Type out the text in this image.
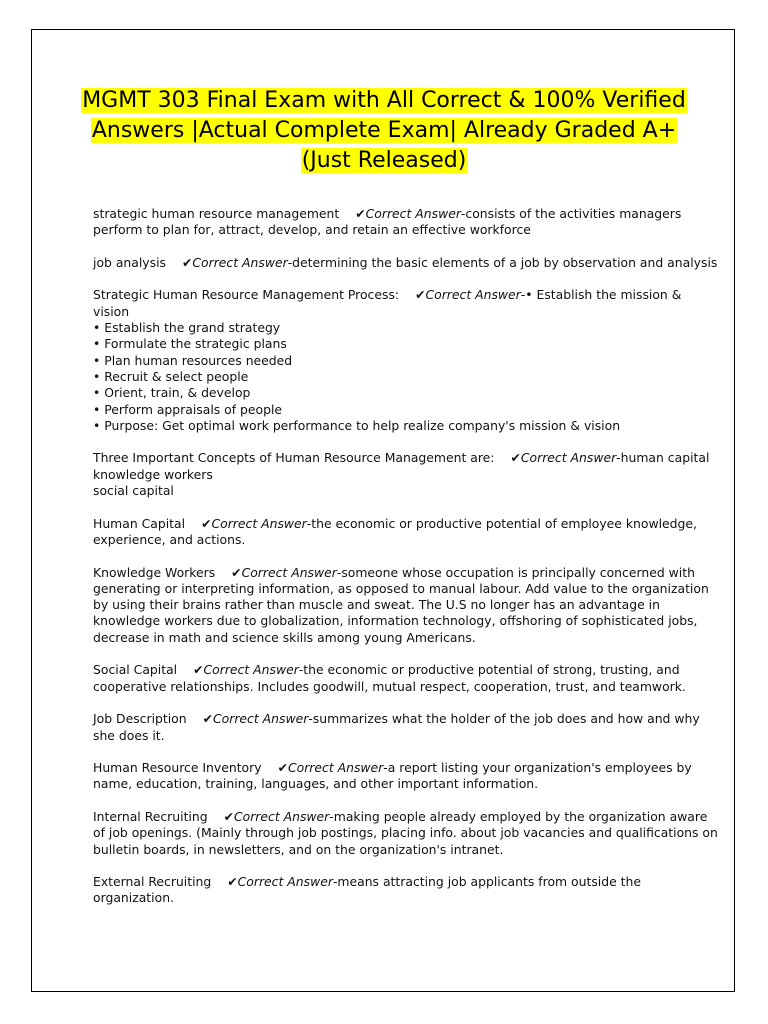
MGMT 303 Final Exam with All Correct & 100% Verified
Answers |Actual Complete Exam| Already Graded A+
(Just Released)
strategic human resource management ✔Correct Answer-consists of the activities managers
perform to plan for, attract, develop, and retain an effective workforce
job analysis ✔Correct Answer-determining the basic elements of a job by observation and analysis
Strategic Human Resource Management Process: ✔Correct Answer-• Establish the mission &
vision
• Establish the grand strategy
• Formulate the strategic plans
• Plan human resources needed
• Recruit & select people
• Orient, train, & develop
• Perform appraisals of people
• Purpose: Get optimal work performance to help realize company's mission & vision
Three Important Concepts of Human Resource Management are: ✔Correct Answer-human capital
knowledge workers
social capital
Human Capital ✔Correct Answer-the economic or productive potential of employee knowledge,
experience, and actions.
Knowledge Workers ✔Correct Answer-someone whose occupation is principally concerned with
generating or interpreting information, as opposed to manual labour. Add value to the organization
by using their brains rather than muscle and sweat. The U.S no longer has an advantage in
knowledge workers due to globalization, information technology, offshoring of sophisticated jobs,
decrease in math and science skills among young Americans.
Social Capital ✔Correct Answer-the economic or productive potential of strong, trusting, and
cooperative relationships. Includes goodwill, mutual respect, cooperation, trust, and teamwork.
Job Description ✔Correct Answer-summarizes what the holder of the job does and how and why
she does it.
Human Resource Inventory ✔Correct Answer-a report listing your organization's employees by
name, education, training, languages, and other important information.
Internal Recruiting ✔Correct Answer-making people already employed by the organization aware
of job openings. (Mainly through job postings, placing info. about job vacancies and qualifications on
bulletin boards, in newsletters, and on the organization's intranet.
External Recruiting ✔Correct Answer-means attracting job applicants from outside the
organization.
